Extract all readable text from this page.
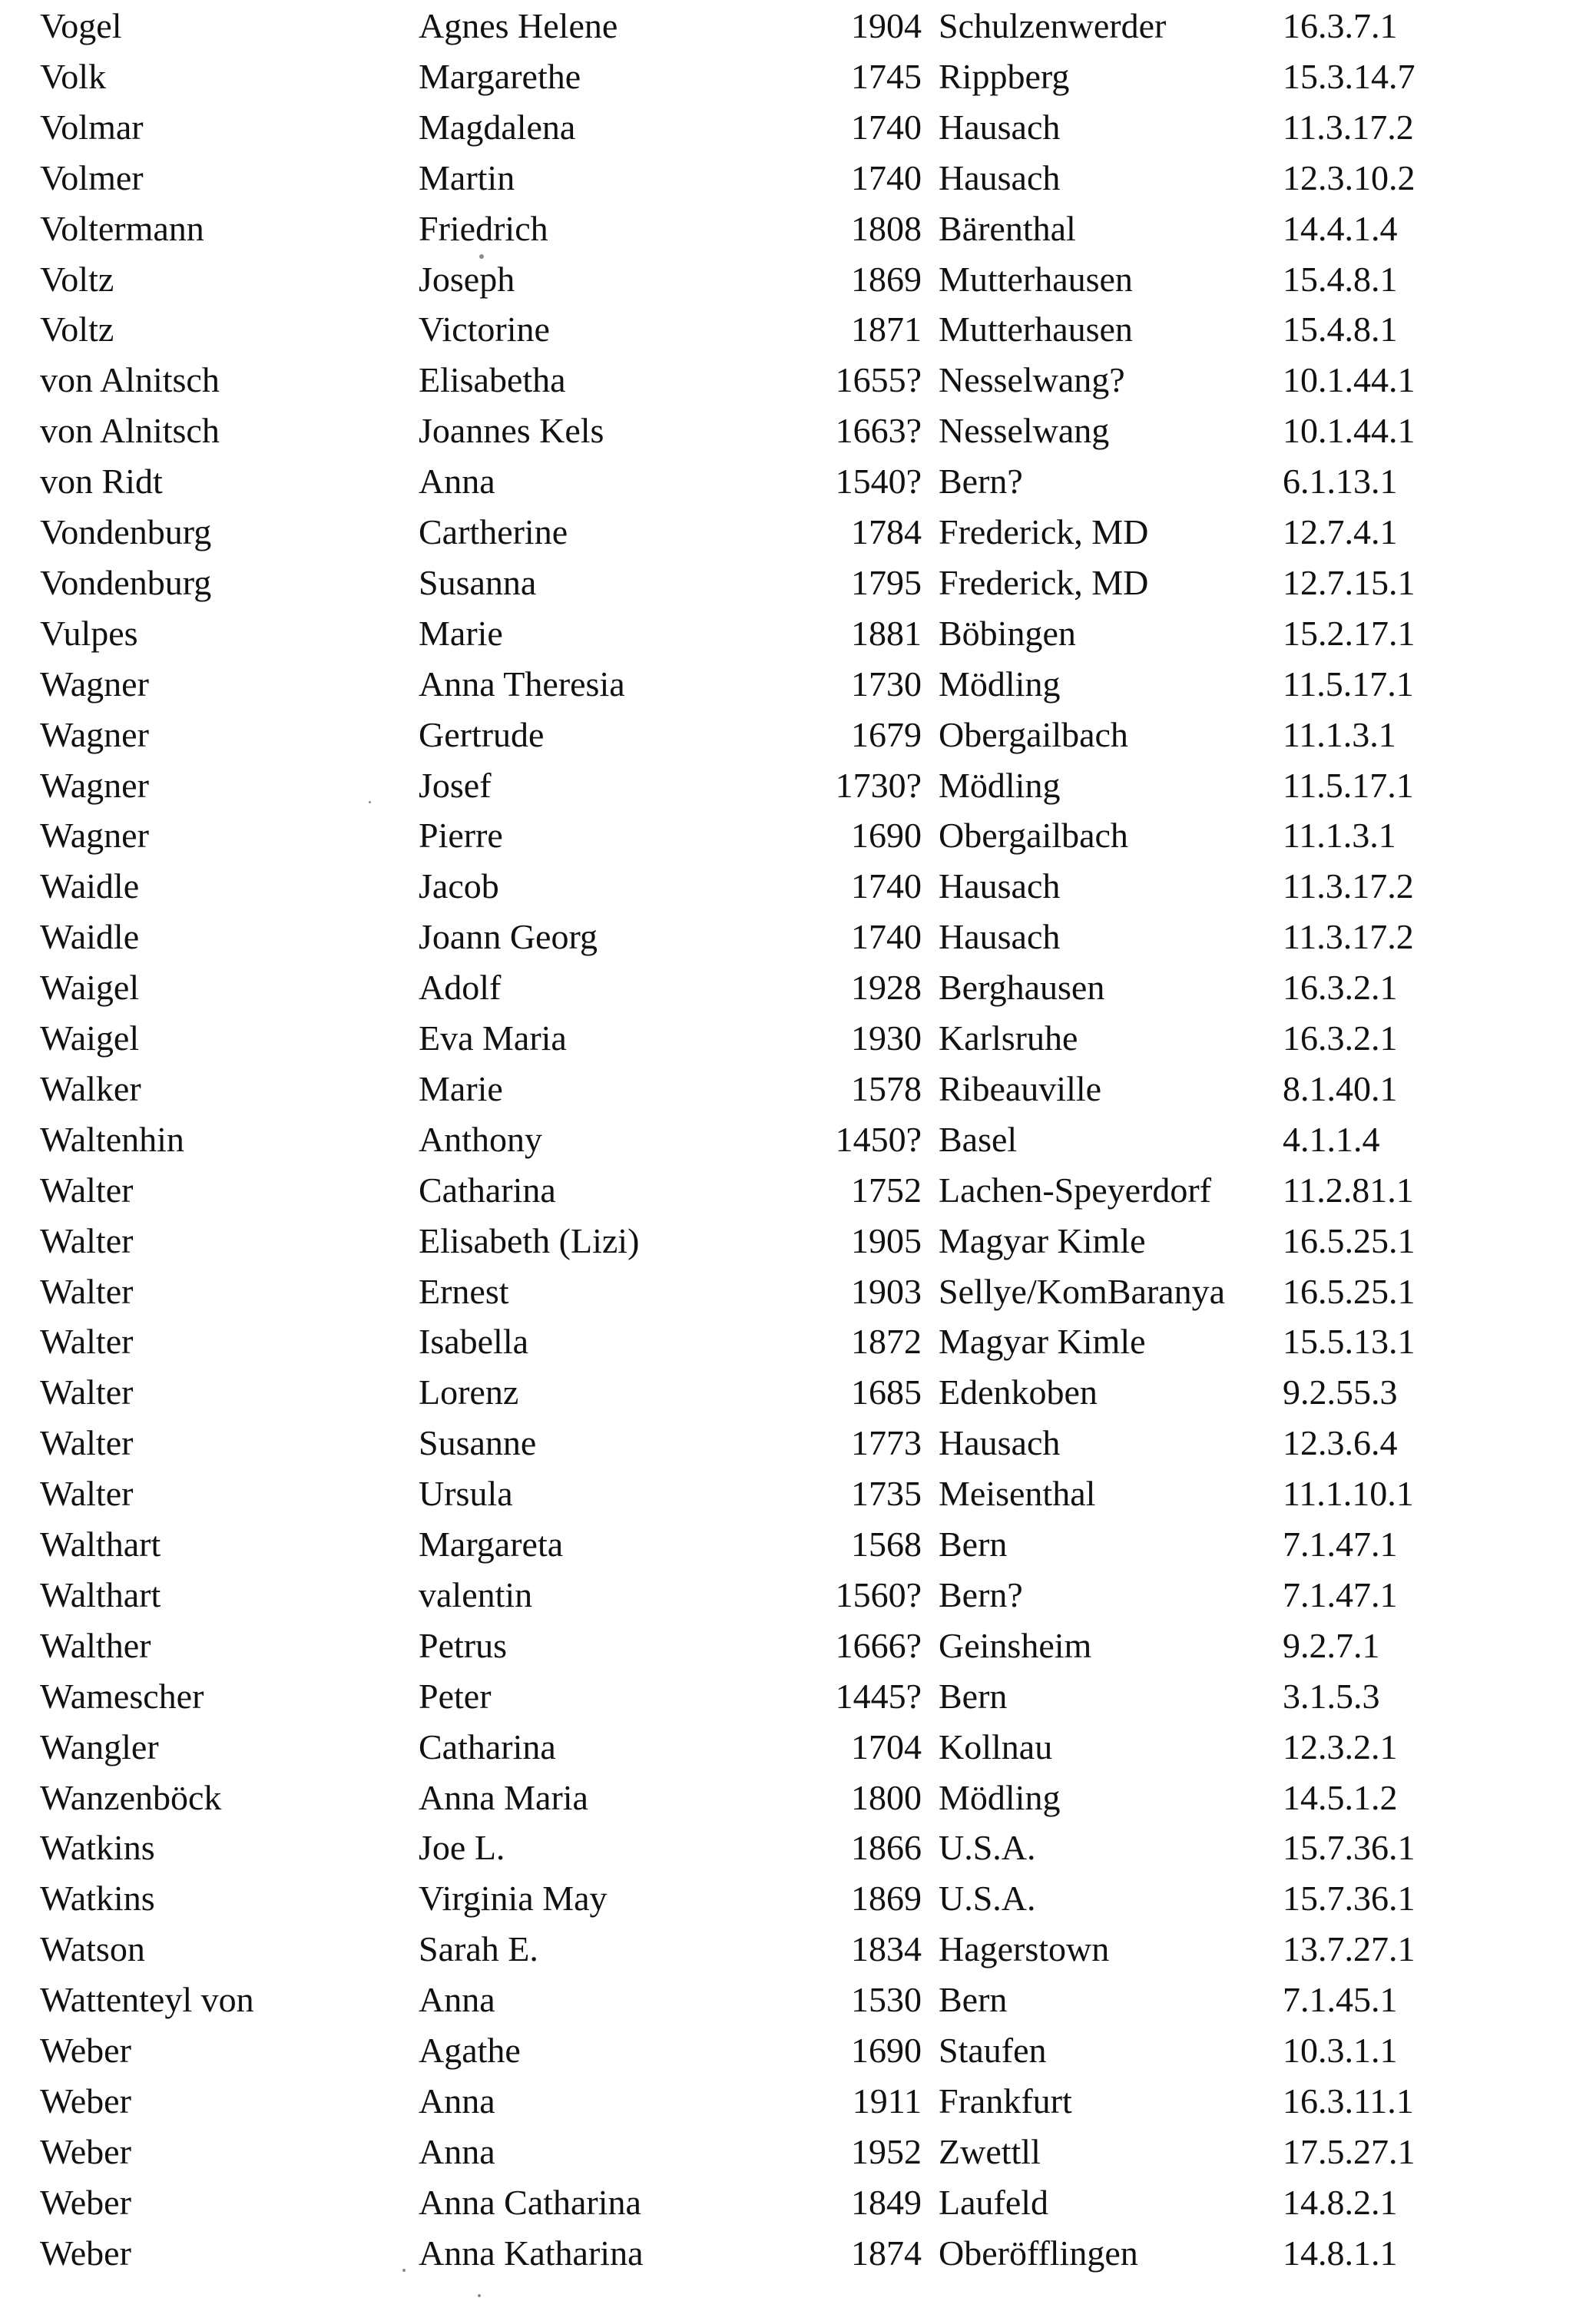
Vogel	Agnes Helene	1904 Schulzenwerder	16.3.7.1
Volk	Margarethe	1745 Rippberg	15.3.14.7
Volmar	Magdalena	1740 Hausach	11.3.17.2
Volmer	Martin	1740 Hausach	12.3.10.2
Voltermann	Friedrich	1808 Bärenthal	14.4.1.4
Voltz	Joseph	1869 Mutterhausen	15.4.8.1
Voltz	Victorine	1871 Mutterhausen	15.4.8.1
von Alnitsch	Elisabetha	1655? Nesselwang?	10.1.44.1
von Alnitsch	Joannes Kels	1663? Nesselwang	10.1.44.1
von Ridt	Anna	1540? Bern?	6.1.13.1
Vondenburg	Cartherine	1784 Frederick, MD	12.7.4.1
Vondenburg	Susanna	1795 Frederick, MD	12.7.15.1
Vulpes	Marie	1881 Böbingen	15.2.17.1
Wagner	Anna Theresia	1730 Mödling	11.5.17.1
Wagner	Gertrude	1679 Obergailbach	11.1.3.1
Wagner	Josef	1730? Mödling	11.5.17.1
Wagner	Pierre	1690 Obergailbach	11.1.3.1
Waidle	Jacob	1740 Hausach	11.3.17.2
Waidle	Joann Georg	1740 Hausach	11.3.17.2
Waigel	Adolf	1928 Berghausen	16.3.2.1
Waigel	Eva Maria	1930 Karlsruhe	16.3.2.1
Walker	Marie	1578 Ribeauville	8.1.40.1
Waltenhin	Anthony	1450? Basel	4.1.1.4
Walter	Catharina	1752 Lachen-Speyerdorf 11.2.81.1
Walter	Elisabeth (Lizi)	1905 Magyar Kimle	16.5.25.1
Walter	Ernest	1903 Sellye/KomBaranya 16.5.25.1
Walter	Isabella	1872 Magyar Kimle	15.5.13.1
Walter	Lorenz	1685 Edenkoben	9.2.55.3
Walter	Susanne	1773 Hausach	12.3.6.4
Walter	Ursula	1735 Meisenthal	11.1.10.1
Walthart	Margareta	1568 Bern	7.1.47.1
Walthart	valentin	1560? Bern?	7.1.47.1
Walther	Petrus	1666? Geinsheim	9.2.7.1
Wamescher	Peter	1445? Bern	3.1.5.3
Wangler	Catharina	1704 Kollnau	12.3.2.1
Wanzenböck	Anna Maria	1800 Mödling	14.5.1.2
Watkins	Joe L.	1866 U.S.A.	15.7.36.1
Watkins	Virginia May	1869 U.S.A.	15.7.36.1
Watson	Sarah E.	1834 Hagerstown	13.7.27.1
Wattenteyl von	Anna	1530 Bern	7.1.45.1
Weber	Agathe	1690 Staufen	10.3.1.1
Weber	Anna	1911 Frankfurt	16.3.11.1
Weber	Anna	1952 Zwettll	17.5.27.1
Weber	Anna Catharina	1849 Laufeld	14.8.2.1
Weber	Anna Katharina	1874 Oberöfflingen	14.8.1.1
